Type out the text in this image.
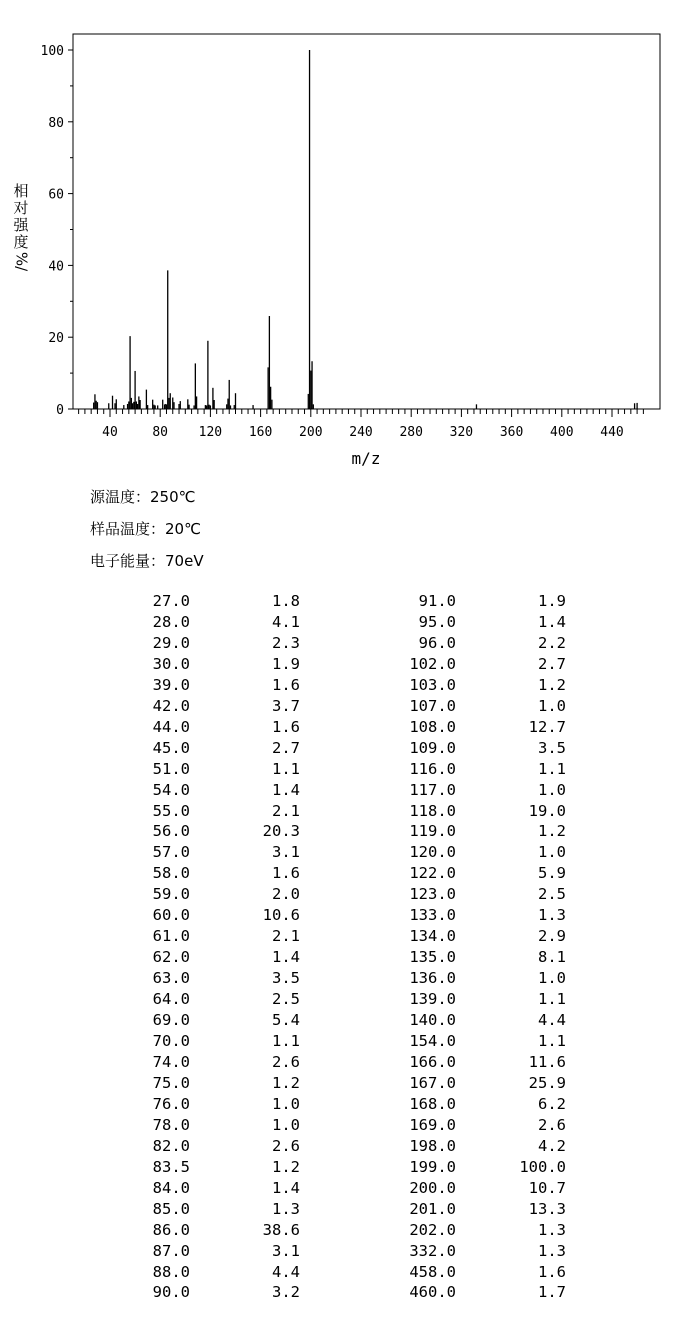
0
20
40
60
80
100
40	80 120 160 200 240 280 320 360 400 440
m/z
相
对
强
度
%/
源温度：250℃
样品温度：20℃
电子能量：70eV
27.0	1.8	91.0	1.9
28.0	4.1	95.0	1.4
29.0	2.3	96.0	2.2
30.0	1.9	102.0	2.7
39.0	1.6	103.0	1.2
42.0	3.7	107.0	1.0
44.0	1.6	108.0	12.7
45.0	2.7	109.0	3.5
51.0	1.1	116.0	1.1
54.0	1.4	117.0	1.0
55.0	2.1	118.0	19.0
56.0	20.3	119.0	1.2
57.0	3.1	120.0	1.0
58.0	1.6	122.0	5.9
59.0	2.0	123.0	2.5
60.0	10.6	133.0	1.3
61.0	2.1	134.0	2.9
62.0	1.4	135.0	8.1
63.0	3.5	136.0	1.0
64.0	2.5	139.0	1.1
69.0	5.4	140.0	4.4
70.0	1.1	154.0	1.1
74.0	2.6	166.0	11.6
75.0	1.2	167.0	25.9
76.0	1.0	168.0	6.2
78.0	1.0	169.0	2.6
82.0	2.6	198.0	4.2
83.5	1.2	199.0	100.0
84.0	1.4	200.0	10.7
85.0	1.3	201.0	13.3
86.0	38.6	202.0	1.3
87.0	3.1	332.0	1.3
88.0	4.4	458.0	1.6
90.0	3.2	460.0	1.7
